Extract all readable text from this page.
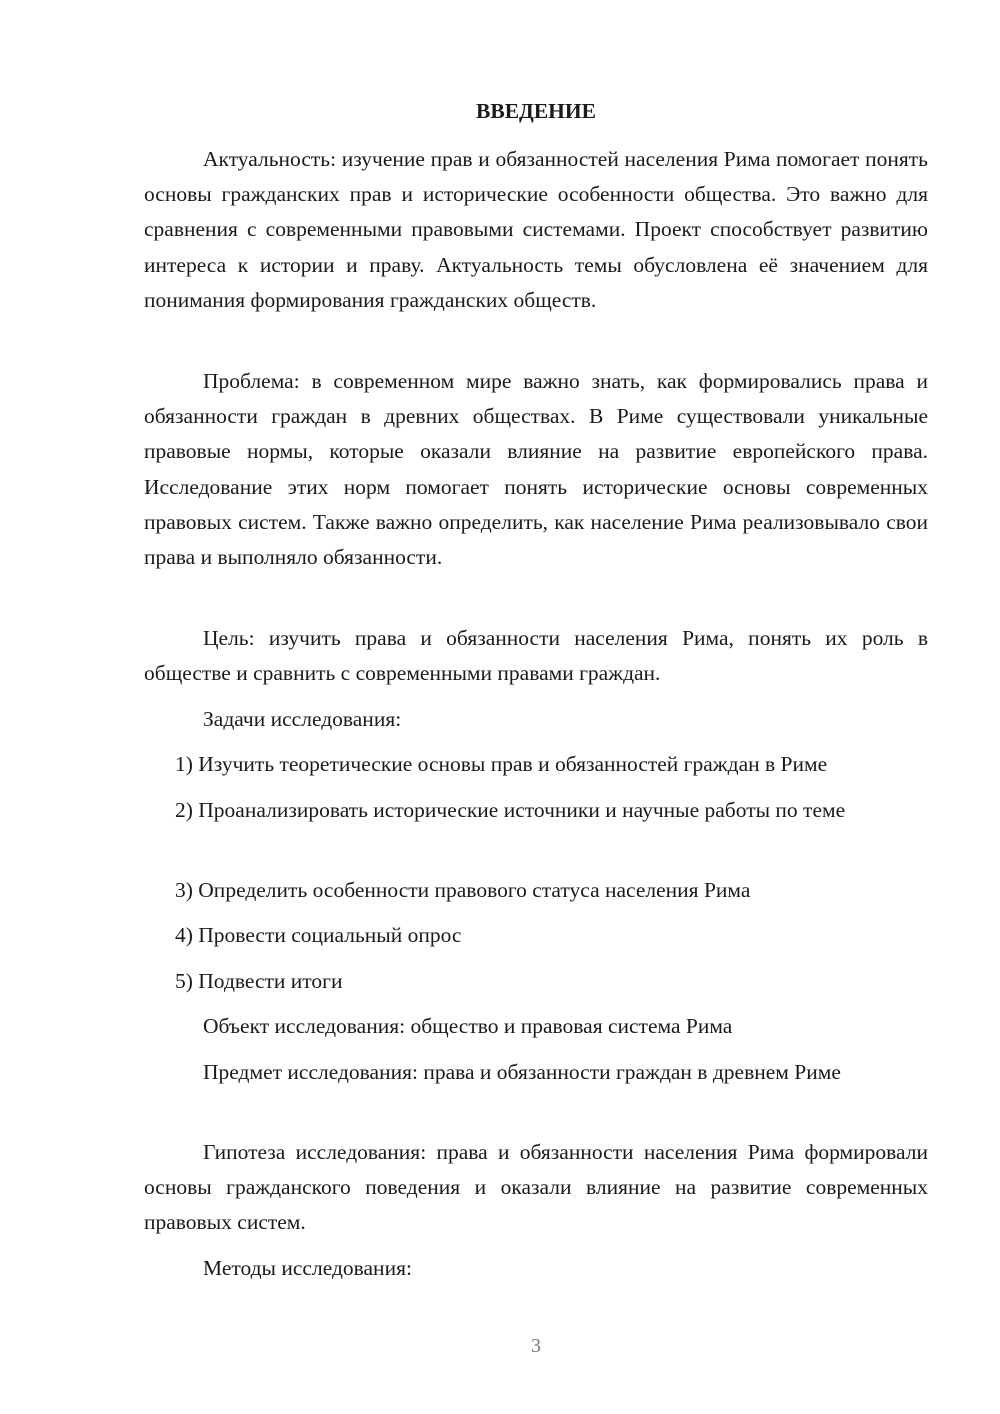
ВВЕДЕНИЕ

Актуальность: изучение прав и обязанностей населения Рима помогает понять основы гражданских прав и исторические особенности общества. Это важно для сравнения с современными правовыми системами. Проект способствует развитию интереса к истории и праву. Актуальность темы обусловлена её значением для понимания формирования гражданских обществ.

Проблема: в современном мире важно знать, как формировались права и обязанности граждан в древних обществах. В Риме существовали уникальные правовые нормы, которые оказали влияние на развитие европейского права. Исследование этих норм помогает понять исторические основы современных правовых систем. Также важно определить, как население Рима реализовывало свои права и выполняло обязанности.

Цель: изучить права и обязанности населения Рима, понять их роль в обществе и сравнить с современными правами граждан.

Задачи исследования:

1) Изучить теоретические основы прав и обязанностей граждан в Риме

2) Проанализировать исторические источники и научные работы по теме

3) Определить особенности правового статуса населения Рима

4) Провести социальный опрос

5) Подвести итоги

Объект исследования: общество и правовая система Рима

Предмет исследования: права и обязанности граждан в древнем Риме

Гипотеза исследования: права и обязанности населения Рима формировали основы гражданского поведения и оказали влияние на развитие современных правовых систем.

Методы исследования:

3
